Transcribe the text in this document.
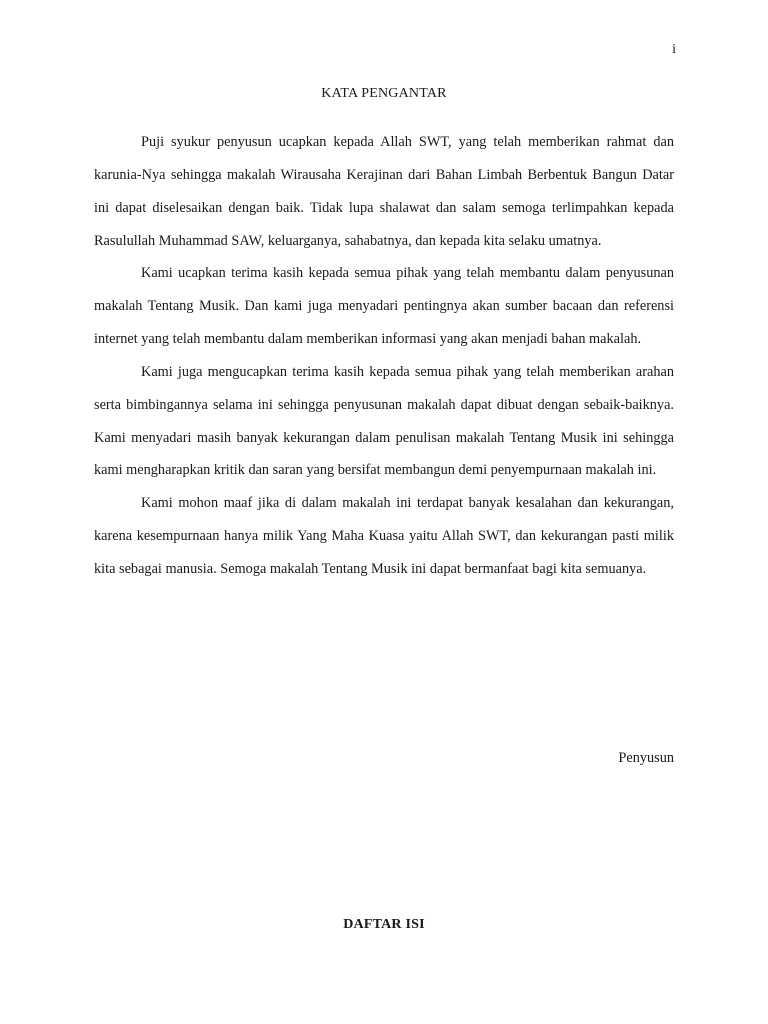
i
KATA PENGANTAR

Puji syukur penyusun ucapkan kepada Allah SWT, yang telah memberikan rahmat dan karunia-Nya sehingga makalah Wirausaha Kerajinan dari Bahan Limbah Berbentuk Bangun Datar ini dapat diselesaikan dengan baik. Tidak lupa shalawat dan salam semoga terlimpahkan kepada Rasulullah Muhammad SAW, keluarganya, sahabatnya, dan kepada kita selaku umatnya.

Kami ucapkan terima kasih kepada semua pihak yang telah membantu dalam penyusunan makalah Tentang Musik. Dan kami juga menyadari pentingnya akan sumber bacaan dan referensi internet yang telah membantu dalam memberikan informasi yang akan menjadi bahan makalah.

Kami juga mengucapkan terima kasih kepada semua pihak yang telah memberikan arahan serta bimbingannya selama ini sehingga penyusunan makalah dapat dibuat dengan sebaik-baiknya. Kami menyadari masih banyak kekurangan dalam penulisan makalah Tentang Musik ini sehingga kami mengharapkan kritik dan saran yang bersifat membangun demi penyempurnaan makalah ini.

Kami mohon maaf jika di dalam makalah ini terdapat banyak kesalahan dan kekurangan, karena kesempurnaan hanya milik Yang Maha Kuasa yaitu Allah SWT, dan kekurangan pasti milik kita sebagai manusia. Semoga makalah Tentang Musik ini dapat bermanfaat bagi kita semuanya.

Penyusun
DAFTAR ISI
